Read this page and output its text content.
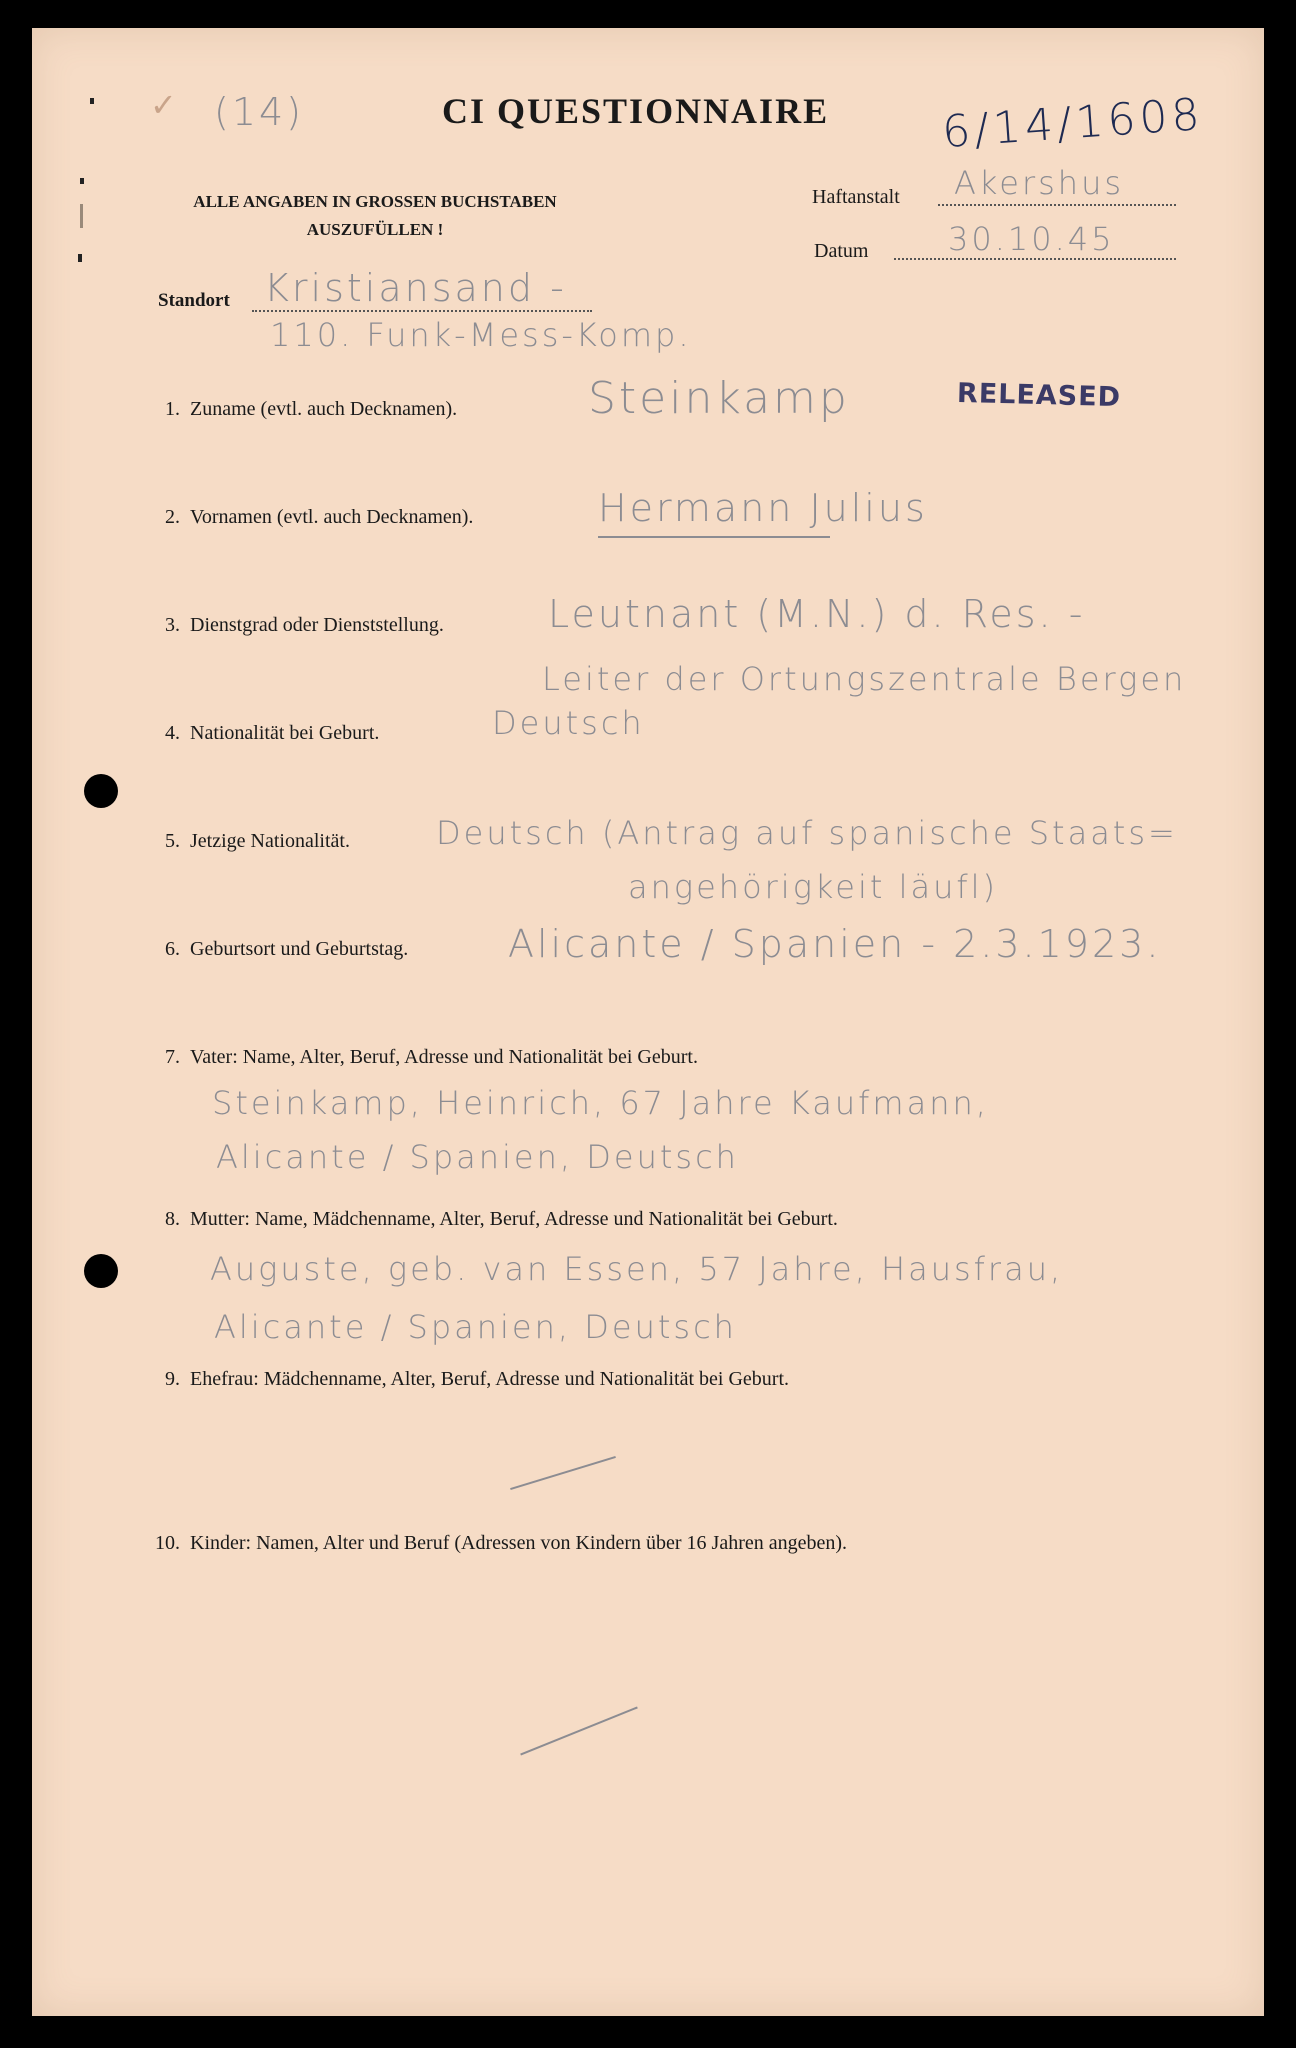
✓ (14)	CI QUESTIONNAIRE	6/14/1608
ALLE ANGABEN IN GROSSEN BUCHSTABEN
AUSZUFÜLLEN !
Haftanstalt Akershus
Datum 30.10.45
Standort Kristiansand -
110. Funk-Mess-Komp.
RELEASED
1. Zuname (evtl. auch Decknamen).	Steinkamp
2. Vornamen (evtl. auch Decknamen).	Hermann Julius
3. Dienstgrad oder Dienststellung.	Leutnant (M.N.) d. Res. -
Leiter der Ortungszentrale Bergen
4. Nationalität bei Geburt.	Deutsch
5. Jetzige Nationalität.	Deutsch (Antrag auf spanische Staats=
angehörigkeit läufl)
6. Geburtsort und Geburtstag.	Alicante / Spanien - 2.3.1923.
7. Vater: Name, Alter, Beruf, Adresse und Nationalität bei Geburt.
Steinkamp, Heinrich, 67 Jahre Kaufmann,
Alicante / Spanien, Deutsch
8. Mutter: Name, Mädchenname, Alter, Beruf, Adresse und Nationalität bei Geburt.
Auguste, geb. van Essen, 57 Jahre, Hausfrau,
Alicante / Spanien, Deutsch
9. Ehefrau: Mädchenname, Alter, Beruf, Adresse und Nationalität bei Geburt.
10. Kinder: Namen, Alter und Beruf (Adressen von Kindern über 16 Jahren angeben).
